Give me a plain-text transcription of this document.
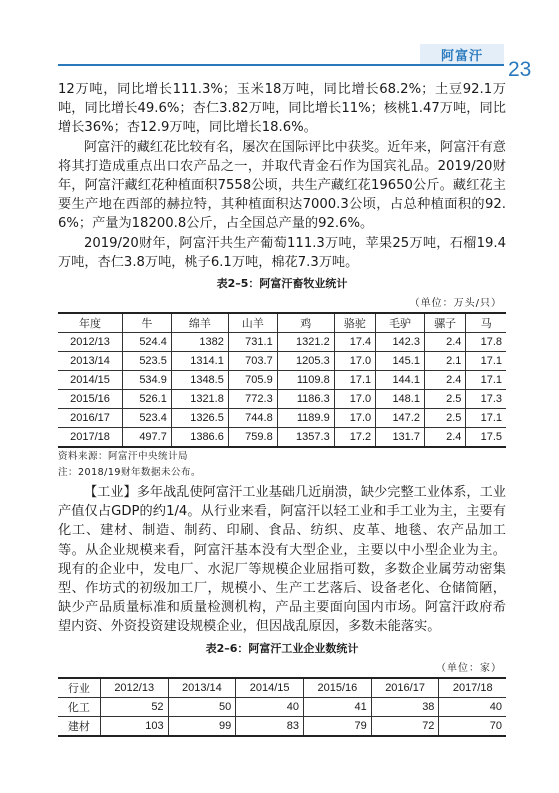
阿富汗
23

12万吨，同比增长111.3%；玉米18万吨，同比增长68.2%；土豆92.1万吨，同比增长49.6%；杏仁3.82万吨，同比增长11%；核桃1.47万吨，同比增长36%；杏12.9万吨，同比增长18.6%。

阿富汗的藏红花比较有名，屡次在国际评比中获奖。近年来，阿富汗有意将其打造成重点出口农产品之一，并取代青金石作为国宾礼品。2019/20财年，阿富汗藏红花种植面积7558公顷，共生产藏红花19650公斤。藏红花主要生产地在西部的赫拉特，其种植面积达7000.3公顷，占总种植面积的92.6%；产量为18200.8公斤，占全国总产量的92.6%。

2019/20财年，阿富汗共生产葡萄111.3万吨，苹果25万吨，石榴19.4万吨，杏仁3.8万吨，桃子6.1万吨，棉花7.3万吨。

表2–5：阿富汗畜牧业统计
（单位：万头/只）
年度	牛	绵羊	山羊	鸡	骆驼	毛驴	骡子	马
2012/13	524.4	1382	731.1	1321.2	17.4	142.3	2.4	17.8
2013/14	523.5	1314.1	703.7	1205.3	17.0	145.1	2.1	17.1
2014/15	534.9	1348.5	705.9	1109.8	17.1	144.1	2.4	17.1
2015/16	526.1	1321.8	772.3	1186.3	17.0	148.1	2.5	17.3
2016/17	523.4	1326.5	744.8	1189.9	17.0	147.2	2.5	17.1
2017/18	497.7	1386.6	759.8	1357.3	17.2	131.7	2.4	17.5
资料来源：阿富汗中央统计局
注：2018/19财年数据未公布。

【工业】多年战乱使阿富汗工业基础几近崩溃，缺少完整工业体系，工业产值仅占GDP的约1/4。从行业来看，阿富汗以轻工业和手工业为主，主要有化工、建材、制造、制药、印刷、食品、纺织、皮革、地毯、农产品加工等。从企业规模来看，阿富汗基本没有大型企业，主要以中小型企业为主。现有的企业中，发电厂、水泥厂等规模企业屈指可数，多数企业属劳动密集型、作坊式的初级加工厂，规模小、生产工艺落后、设备老化、仓储简陋，缺少产品质量标准和质量检测机构，产品主要面向国内市场。阿富汗政府希望内资、外资投资建设规模企业，但因战乱原因，多数未能落实。

表2–6：阿富汗工业企业数统计
（单位：家）
行业	2012/13	2013/14	2014/15	2015/16	2016/17	2017/18
化工	52	50	40	41	38	40
建材	103	99	83	79	72	70
